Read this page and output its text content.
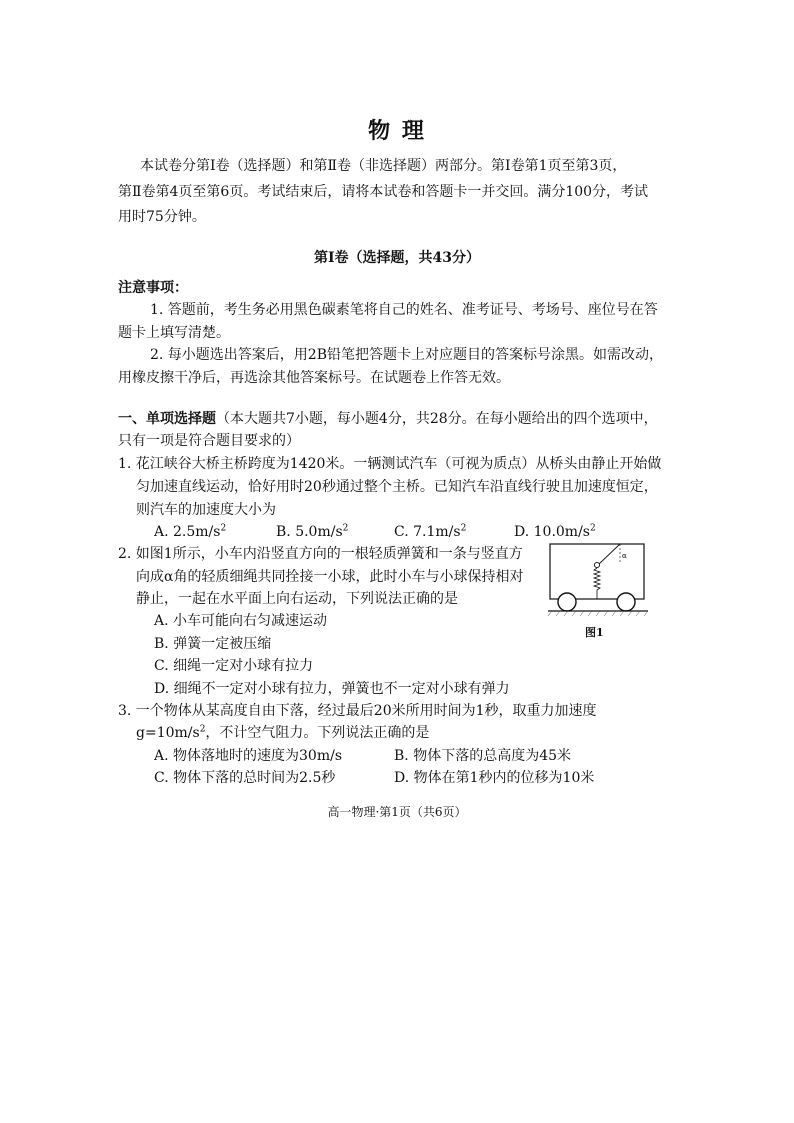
物 理
本试卷分第Ⅰ卷（选择题）和第Ⅱ卷（非选择题）两部分。第Ⅰ卷第1页至第3页，
第Ⅱ卷第4页至第6页。考试结束后，请将本试卷和答题卡一并交回。满分100分，考试
用时75分钟。
第Ⅰ卷（选择题，共43分）
注意事项：
1. 答题前，考生务必用黑色碳素笔将自己的姓名、准考证号、考场号、座位号在答
题卡上填写清楚。
2. 每小题选出答案后，用2B铅笔把答题卡上对应题目的答案标号涂黑。如需改动，
用橡皮擦干净后，再选涂其他答案标号。在试题卷上作答无效。
一、单项选择题（本大题共7小题，每小题4分，共28分。在每小题给出的四个选项中，
只有一项是符合题目要求的）
1. 花江峡谷大桥主桥跨度为1420米。一辆测试汽车（可视为质点）从桥头由静止开始做
匀加速直线运动，恰好用时20秒通过整个主桥。已知汽车沿直线行驶且加速度恒定，
则汽车的加速度大小为
A. $2.5m/s^2$	B. $5.0m/s^2$	C. $7.1m/s^2$	D. $10.0m/s^2$
2. 如图1所示，小车内沿竖直方向的一根轻质弹簧和一条与竖直方
向成α角的轻质细绳共同拴接一小球，此时小车与小球保持相对
静止，一起在水平面上向右运动，下列说法正确的是
A. 小车可能向右匀减速运动
B. 弹簧一定被压缩
C. 细绳一定对小球有拉力
D. 细绳不一定对小球有拉力，弹簧也不一定对小球有弹力
α
图1
3. 一个物体从某高度自由下落，经过最后20米所用时间为1秒，取重力加速度
$g=10m/s^2$，不计空气阻力。下列说法正确的是
A. 物体落地时的速度为30m/s	B. 物体下落的总高度为45米
C. 物体下落的总时间为2.5秒	D. 物体在第1秒内的位移为10米
高一物理·第1页（共6页）
